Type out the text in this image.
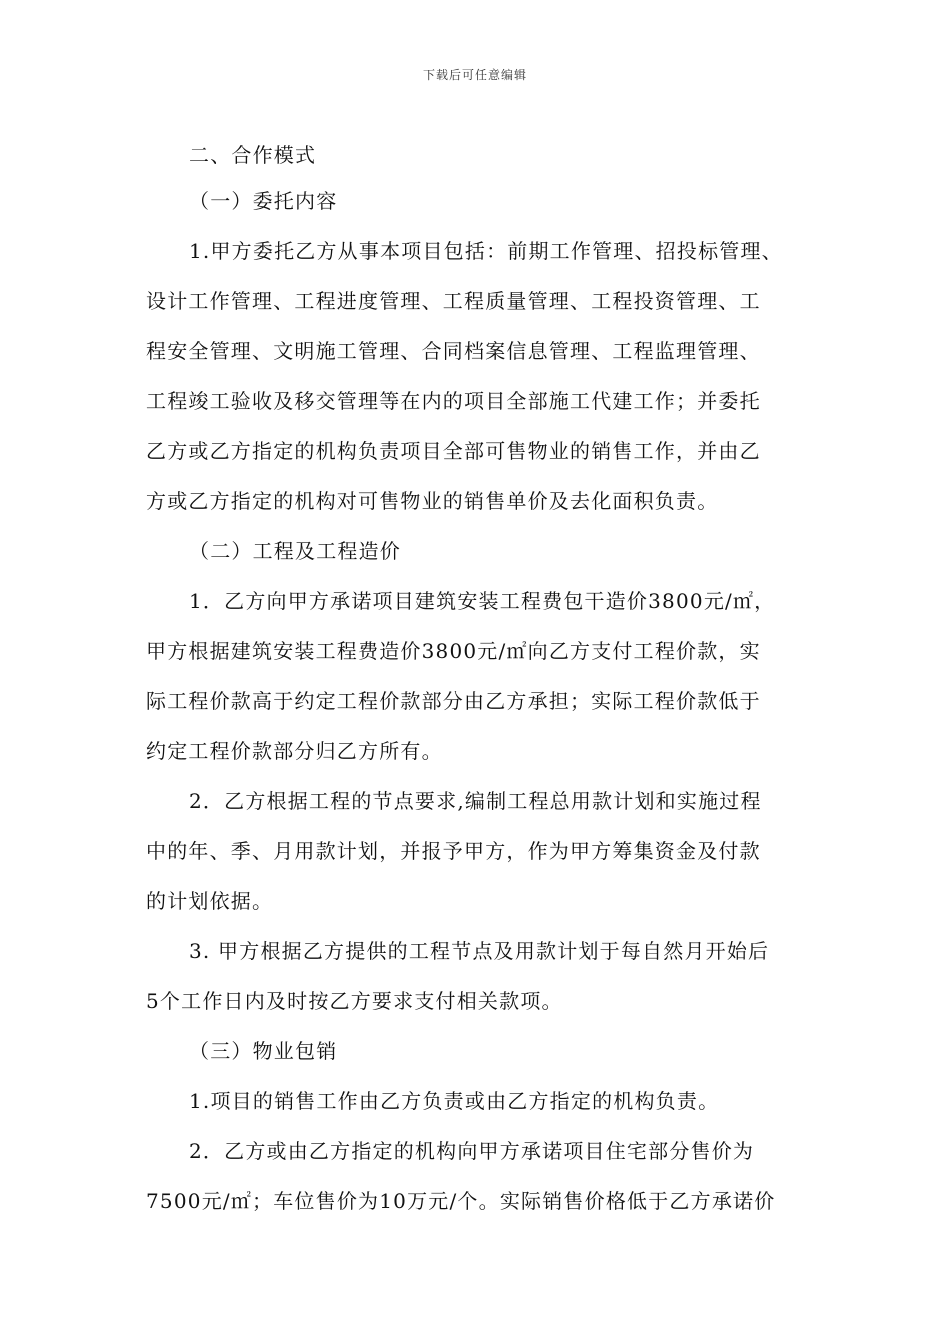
下载后可任意编辑
二、合作模式
（一）委托内容
1.甲方委托乙方从事本项目包括：前期工作管理、招投标管理、
设计工作管理、工程进度管理、工程质量管理、工程投资管理、工
程安全管理、文明施工管理、合同档案信息管理、工程监理管理、
工程竣工验收及移交管理等在内的项目全部施工代建工作；并委托
乙方或乙方指定的机构负责项目全部可售物业的销售工作，并由乙
方或乙方指定的机构对可售物业的销售单价及去化面积负责。
（二）工程及工程造价
1．乙方向甲方承诺项目建筑安装工程费包干造价3800元/㎡，
甲方根据建筑安装工程费造价3800元/㎡向乙方支付工程价款，实
际工程价款高于约定工程价款部分由乙方承担；实际工程价款低于
约定工程价款部分归乙方所有。
2．乙方根据工程的节点要求,编制工程总用款计划和实施过程
中的年、季、月用款计划，并报予甲方，作为甲方筹集资金及付款
的计划依据。
3. 甲方根据乙方提供的工程节点及用款计划于每自然月开始后
5个工作日内及时按乙方要求支付相关款项。
（三）物业包销
1.项目的销售工作由乙方负责或由乙方指定的机构负责。
2．乙方或由乙方指定的机构向甲方承诺项目住宅部分售价为
7500元/㎡；车位售价为10万元/个。实际销售价格低于乙方承诺价
